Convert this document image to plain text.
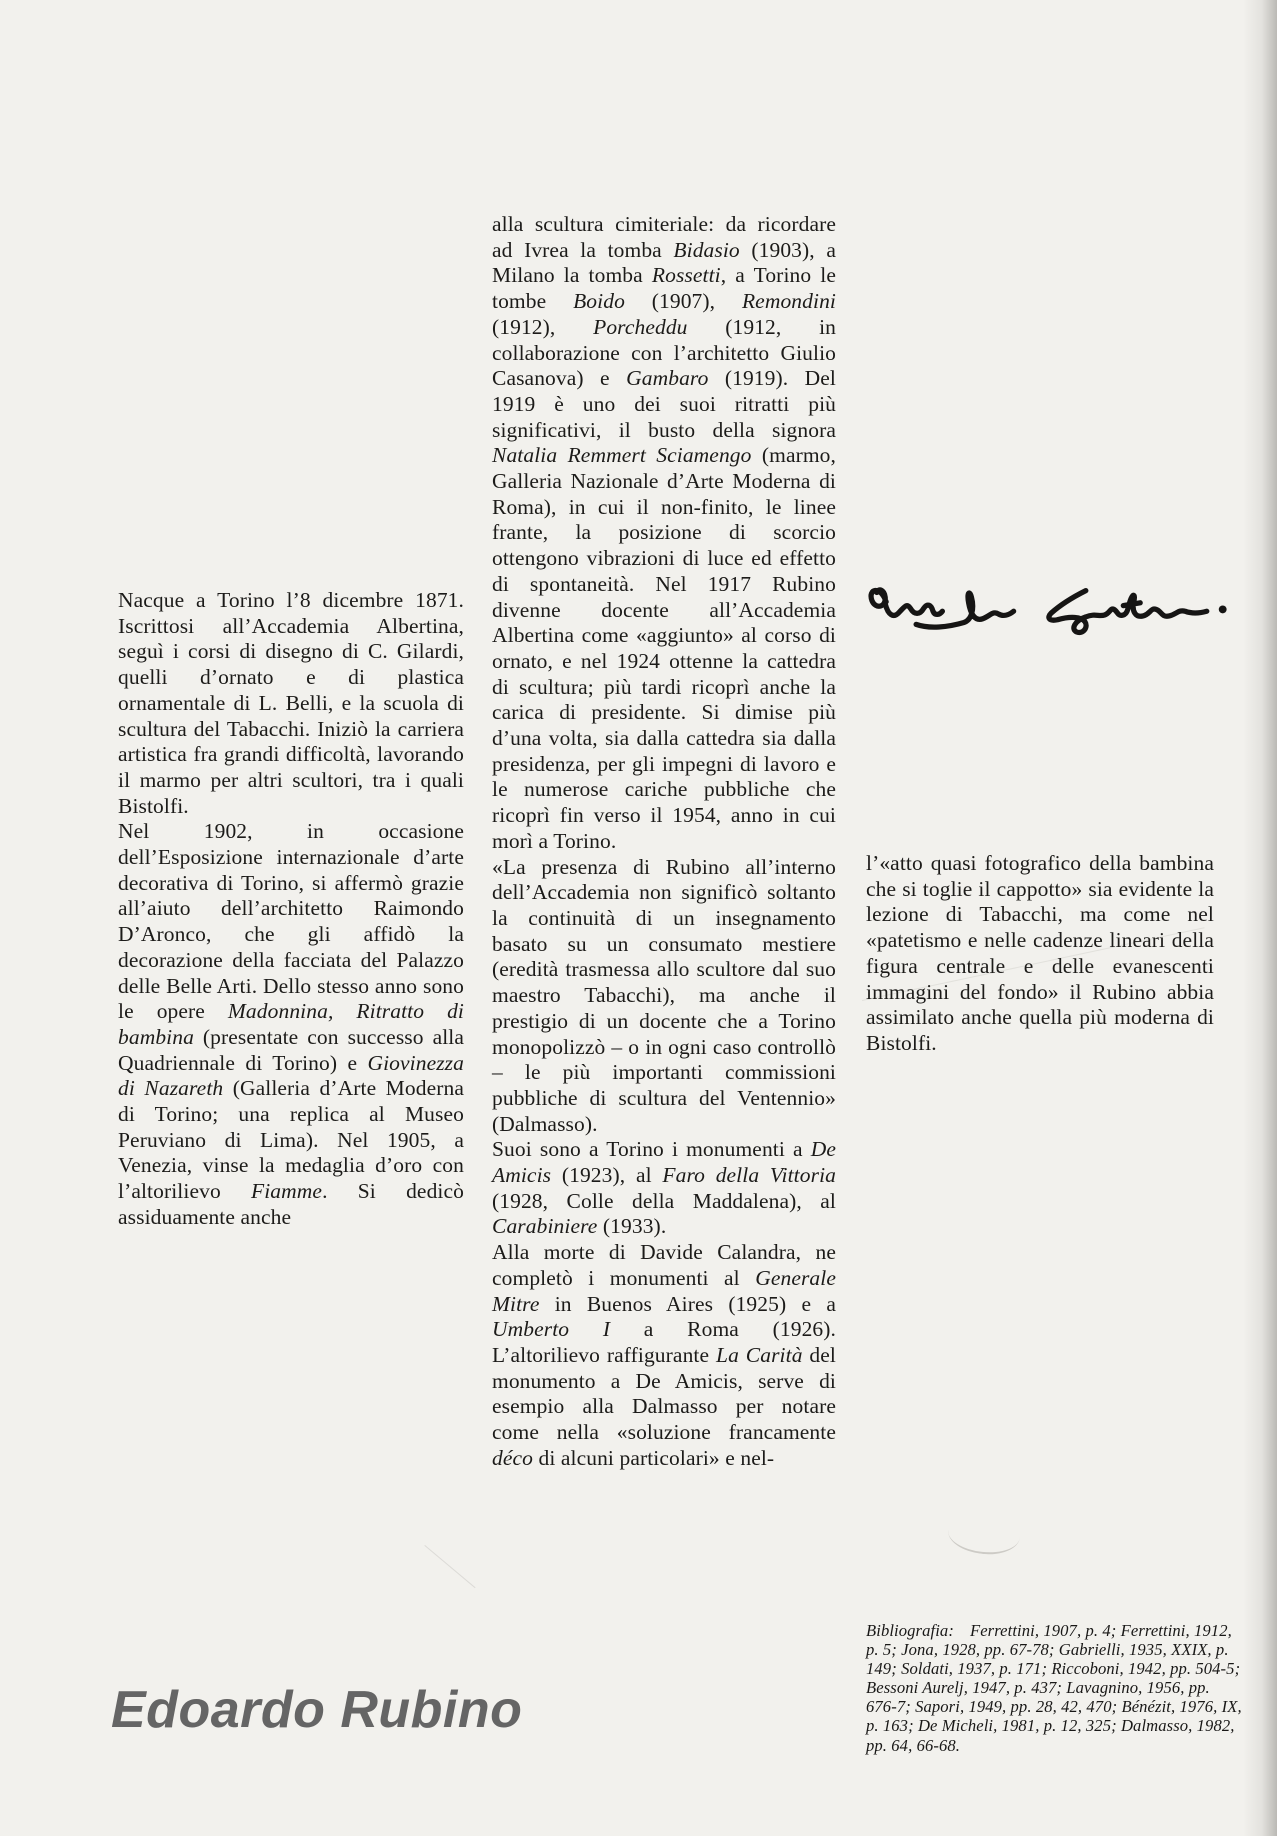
Nacque a Torino l’8 dicembre 1871. Iscrittosi all’Accademia Albertina, seguì i corsi di disegno di C. Gilardi, quelli d’ornato e di plastica ornamentale di L. Belli, e la scuola di scultura del Tabacchi. Iniziò la carriera artistica fra grandi difficoltà, lavorando il marmo per altri scultori, tra i quali Bistolfi.

Nel 1902, in occasione dell’Esposizione internazionale d’arte decorativa di Torino, si affermò grazie all’aiuto dell’architetto Raimondo D’Aronco, che gli affidò la decorazione della facciata del Palazzo delle Belle Arti. Dello stesso anno sono le opere Madonnina, Ritratto di bambina (presentate con successo alla Quadriennale di Torino) e Giovinezza di Nazareth (Galleria d’Arte Moderna di Torino; una replica al Museo Peruviano di Lima). Nel 1905, a Venezia, vinse la medaglia d’oro con l’altorilievo Fiamme. Si dedicò assiduamente anche

alla scultura cimiteriale: da ricordare ad Ivrea la tomba Bidasio (1903), a Milano la tomba Rossetti, a Torino le tombe Boido (1907), Remondini (1912), Porcheddu (1912, in collaborazione con l’architetto Giulio Casanova) e Gambaro (1919). Del 1919 è uno dei suoi ritratti più significativi, il busto della signora Natalia Remmert Sciamengo (marmo, Galleria Nazionale d’Arte Moderna di Roma), in cui il non-finito, le linee frante, la posizione di scorcio ottengono vibrazioni di luce ed effetto di spontaneità. Nel 1917 Rubino divenne docente all’Accademia Albertina come «aggiunto» al corso di ornato, e nel 1924 ottenne la cattedra di scultura; più tardi ricoprì anche la carica di presidente. Si dimise più d’una volta, sia dalla cattedra sia dalla presidenza, per gli impegni di lavoro e le numerose cariche pubbliche che ricoprì fin verso il 1954, anno in cui morì a Torino.

«La presenza di Rubino all’interno dell’Accademia non significò soltanto la continuità di un insegnamento basato su un consumato mestiere (eredità trasmessa allo scultore dal suo maestro Tabacchi), ma anche il prestigio di un docente che a Torino monopolizzò – o in ogni caso controllò – le più importanti commissioni pubbliche di scultura del Ventennio» (Dalmasso).

Suoi sono a Torino i monumenti a De Amicis (1923), al Faro della Vittoria (1928, Colle della Maddalena), al Carabiniere (1933).

Alla morte di Davide Calandra, ne completò i monumenti al Generale Mitre in Buenos Aires (1925) e a Umberto I a Roma (1926). L’altorilievo raffigurante La Carità del monumento a De Amicis, serve di esempio alla Dalmasso per notare come nella «soluzione francamente déco di alcuni particolari» e nel-

l’«atto quasi fotografico della bambina che si toglie il cappotto» sia evidente la lezione di Tabacchi, ma come nel «patetismo e nelle cadenze lineari della figura centrale e delle evanescenti immagini del fondo» il Rubino abbia assimilato anche quella più moderna di Bistolfi.

Bibliografia: Ferrettini, 1907, p. 4; Ferrettini, 1912, p. 5; Jona, 1928, pp. 67-78; Gabrielli, 1935, XXIX, p. 149; Soldati, 1937, p. 171; Riccoboni, 1942, pp. 504-5; Bessoni Aurelj, 1947, p. 437; Lavagnino, 1956, pp. 676-7; Sapori, 1949, pp. 28, 42, 470; Bénézit, 1976, IX, p. 163; De Micheli, 1981, p. 12, 325; Dalmasso, 1982, pp. 64, 66-68.
Edoardo Rubino
